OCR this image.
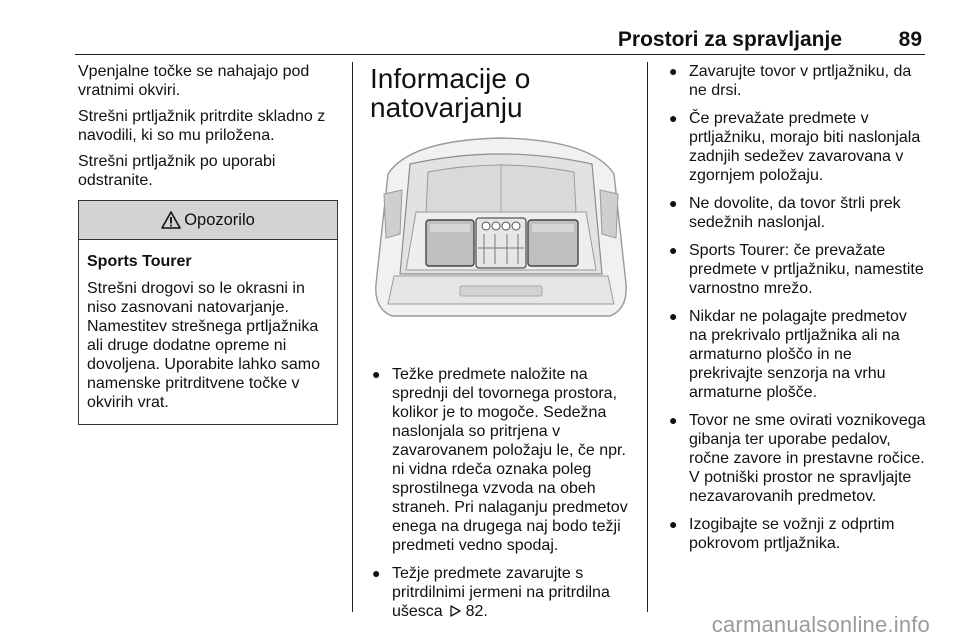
Prostori za spravljanje	89

Vpenjalne točke se nahajajo pod vratnimi okviri.

Strešni prtljažnik pritrdite skladno z navodili, ki so mu priložena.

Strešni prtljažnik po uporabi odstranite.

Opozorilo

Sports Tourer

Strešni drogovi so le okrasni in niso zasnovani natovarjanje. Namestitev strešnega prtljažnika ali druge dodatne opreme ni dovoljena. Uporabite lahko samo namenske pritrditvene točke v okvirih vrat.

Informacije o natovarjanju
● Težke predmete naložite na sprednji del tovornega prostora, kolikor je to mogoče. Sedežna naslonjala so pritrjena v zavarovanem položaju le, če npr. ni vidna rdeča oznaka poleg sprostilnega vzvoda na obeh straneh. Pri nalaganju predmetov enega na drugega naj bodo težji predmeti vedno spodaj.
● Težje predmete zavarujte s pritrdilnimi jermeni na pritrdilna ušesca 82.
● Zavarujte tovor v prtljažniku, da ne drsi.
● Če prevažate predmete v prtljažniku, morajo biti naslonjala zadnjih sedežev zavarovana v zgornjem položaju.
● Ne dovolite, da tovor štrli prek sedežnih naslonjal.
● Sports Tourer: če prevažate predmete v prtljažniku, namestite varnostno mrežo.
● Nikdar ne polagajte predmetov na prekrivalo prtljažnika ali na armaturno ploščo in ne prekrivajte senzorja na vrhu armaturne plošče.
● Tovor ne sme ovirati voznikovega gibanja ter uporabe pedalov, ročne zavore in prestavne ročice. V potniški prostor ne spravljajte nezavarovanih predmetov.
● Izogibajte se vožnji z odprtim pokrovom prtljažnika.
carmanualsonline.info
